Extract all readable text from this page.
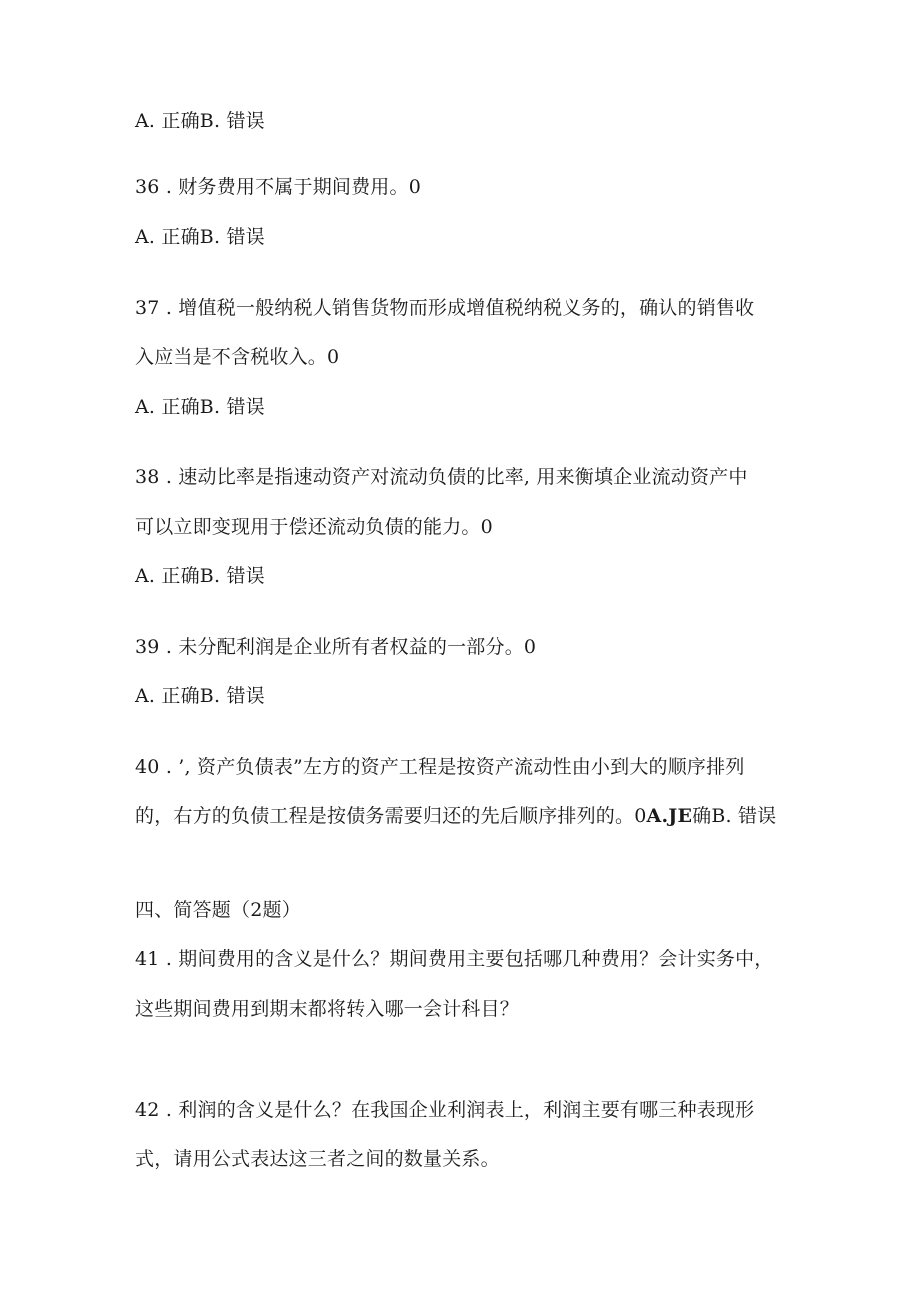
A. 正确B. 错误
36 . 财务费用不属于期间费用。0
A. 正确B. 错误
37 . 增值税一般纳税人销售货物而形成增值税纳税义务的，确认的销售收
入应当是不含税收入。0
A. 正确B. 错误
38 . 速动比率是指速动资产对流动负债的比率, 用来衡填企业流动资产中
可以立即变现用于偿还流动负债的能力。0
A. 正确B. 错误
39 . 未分配利润是企业所有者权益的一部分。0
A. 正确B. 错误
40 . ’, 资产负债表”左方的资产工程是按资产流动性由小到大的顺序排列
的，右方的负债工程是按债务需要归还的先后顺序排列的。0A.JE确B. 错误
四、简答题（2题）
41 . 期间费用的含义是什么？期间费用主要包括哪几种费用？会计实务中，
这些期间费用到期末都将转入哪一会计科目？
42 . 利润的含义是什么？在我国企业利润表上，利润主要有哪三种表现形
式，请用公式表达这三者之间的数量关系。
